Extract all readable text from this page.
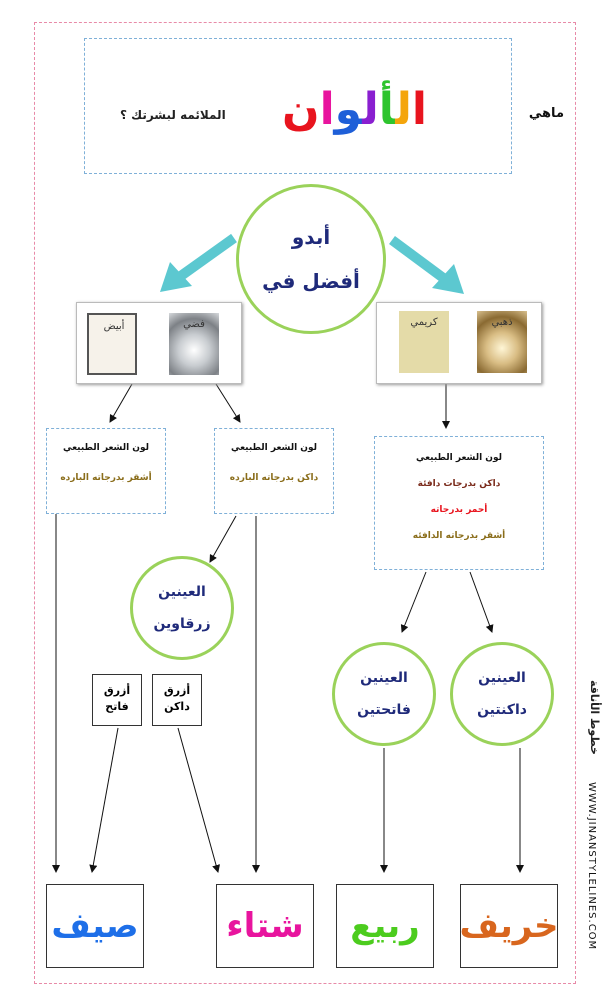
ماهي
الألوان
الملائمه لبشرتك ؟
أبدو
أفضل في
أبيض	فضي	كريمي	ذهبي
لون الشعر الطبيعي
أشقر بدرجاته البارده
لون الشعر الطبيعي
داكن بدرجاته البارده
لون الشعر الطبيعي
داكن بدرجات دافئة
أحمر بدرجاته
أشقر بدرجاته الدافئه
العينين
زرقاوين
العينين
فاتحتين
العينين
داكنتين
أزرق
فاتح
أزرق
داكن
صيف	شتاء ربيع خريف	WWW.JINANSTYLELINES.COM
خطوط الأناقة
